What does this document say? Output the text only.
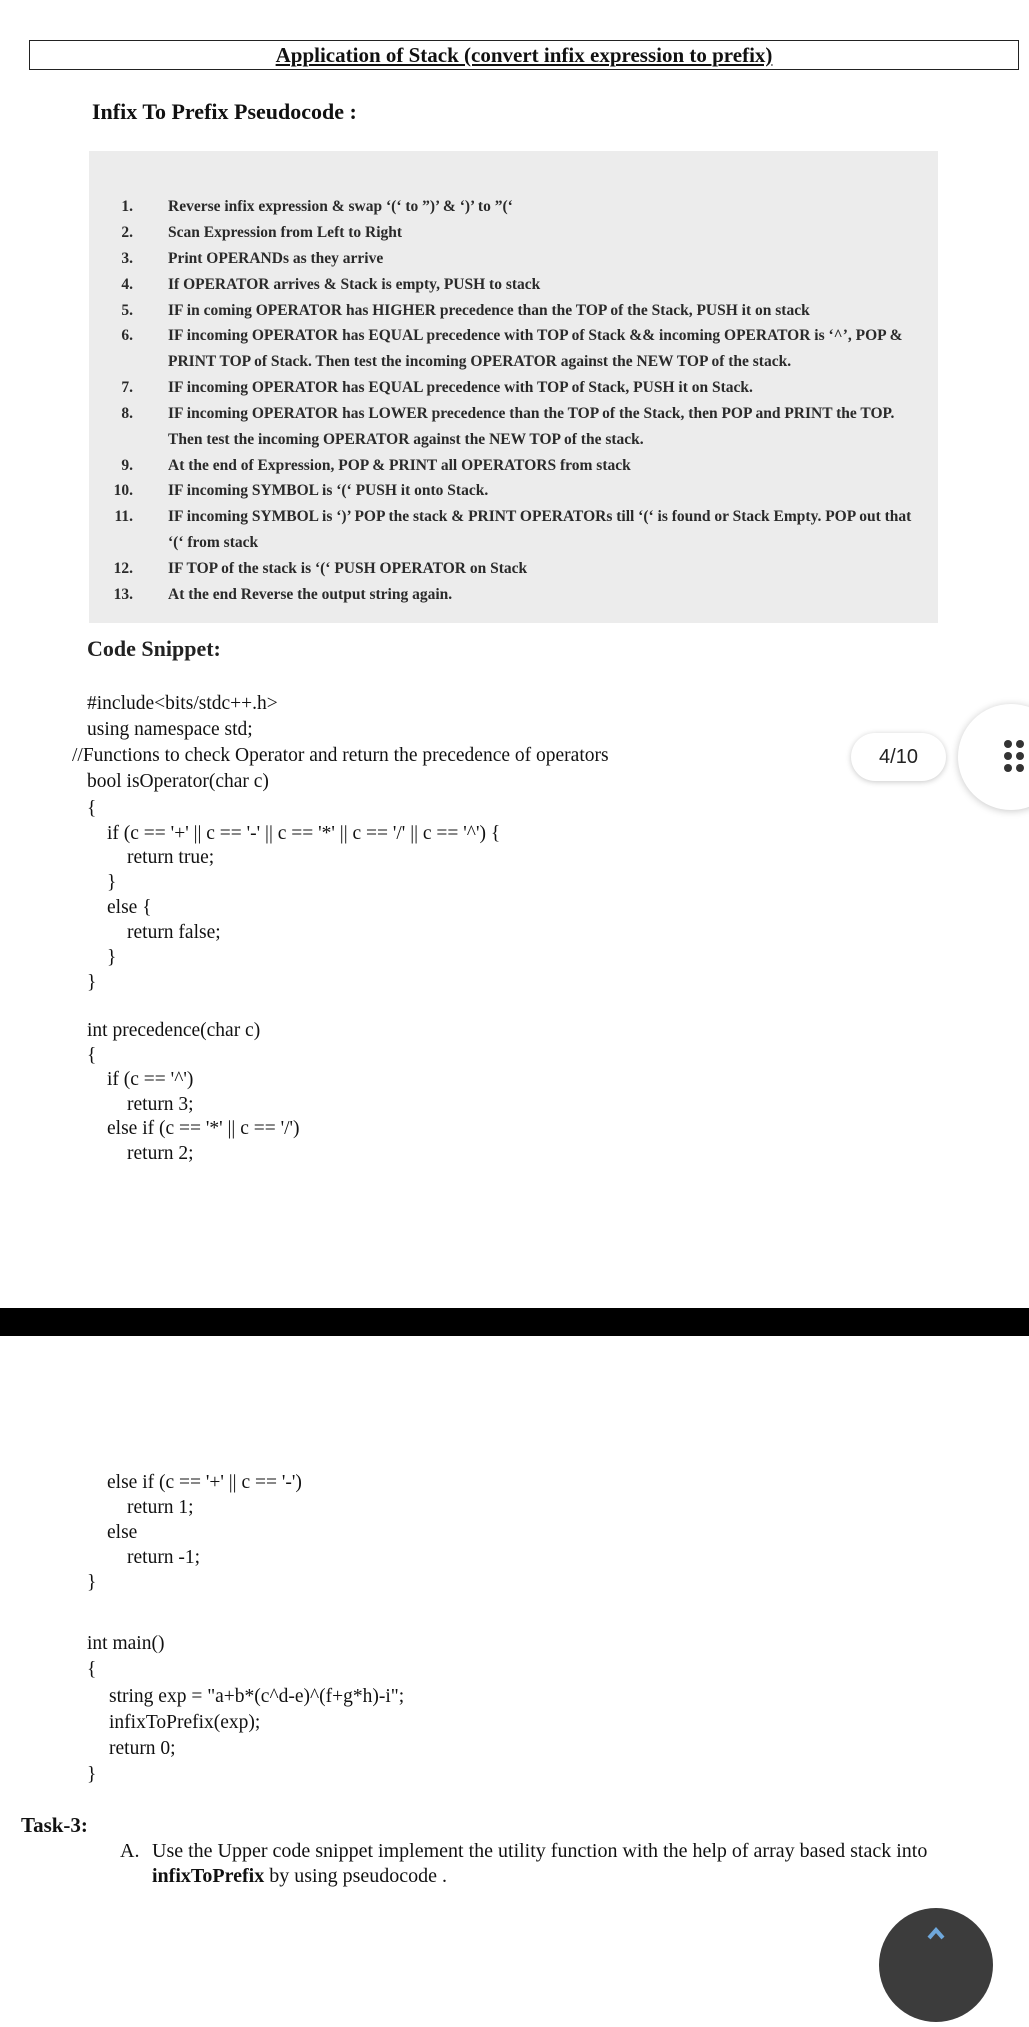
Application of Stack (convert infix expression to prefix)
Infix To Prefix Pseudocode :
1. Reverse infix expression & swap ‘(‘ to ”)’ & ‘)’ to ”(‘
2. Scan Expression from Left to Right
3. Print OPERANDs as they arrive
4. If OPERATOR arrives & Stack is empty, PUSH to stack
5. IF in coming OPERATOR has HIGHER precedence than the TOP of the Stack, PUSH it on stack
6. IF incoming OPERATOR has EQUAL precedence with TOP of Stack && incoming OPERATOR is ‘^’, POP & PRINT TOP of Stack. Then test the incoming OPERATOR against the NEW TOP of the stack.
7. IF incoming OPERATOR has EQUAL precedence with TOP of Stack, PUSH it on Stack.
8. IF incoming OPERATOR has LOWER precedence than the TOP of the Stack, then POP and PRINT the TOP. Then test the incoming OPERATOR against the NEW TOP of the stack.
9. At the end of Expression, POP & PRINT all OPERATORS from stack
10. IF incoming SYMBOL is ‘(‘ PUSH it onto Stack.
11. IF incoming SYMBOL is ‘)’ POP the stack & PRINT OPERATORs till ‘(‘ is found or Stack Empty. POP out that ‘(‘ from stack
12. IF TOP of the stack is ‘(‘ PUSH OPERATOR on Stack
13. At the end Reverse the output string again.
Code Snippet:
#include<bits/stdc++.h>
using namespace std;
//Functions to check Operator and return the precedence of operators
bool isOperator(char c)
{
if (c == '+' || c == '-' || c == '*' || c == '/' || c == '^') {
return true;
}
else {
return false;
}
}
int precedence(char c)
{
if (c == '^')
return 3;
else if (c == '*' || c == '/')
return 2;
4/10
else if (c == '+' || c == '-')
return 1;
else
return -1;
}
int main()
{
string exp = "a+b*(c^d-e)^(f+g*h)-i";
infixToPrefix(exp);
return 0;
}
Task-3:
A. Use the Upper code snippet implement the utility function with the help of array based stack into infixToPrefix by using pseudocode .
